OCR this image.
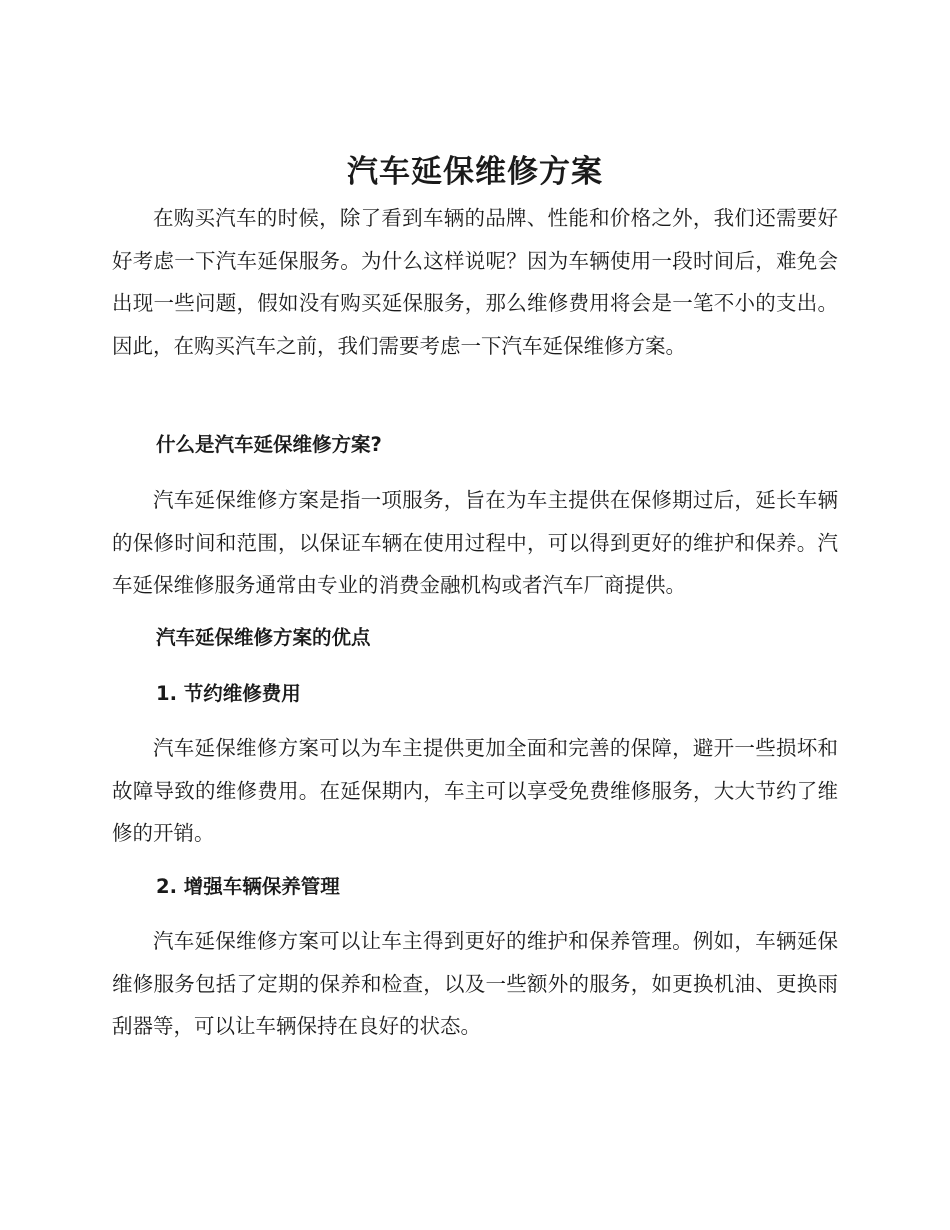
汽车延保维修方案

在购买汽车的时候，除了看到车辆的品牌、性能和价格之外，我们还需要好好考虑一下汽车延保服务。为什么这样说呢？因为车辆使用一段时间后，难免会出现一些问题，假如没有购买延保服务，那么维修费用将会是一笔不小的支出。因此，在购买汽车之前，我们需要考虑一下汽车延保维修方案。

什么是汽车延保维修方案?

汽车延保维修方案是指一项服务，旨在为车主提供在保修期过后，延长车辆的保修时间和范围，以保证车辆在使用过程中，可以得到更好的维护和保养。汽车延保维修服务通常由专业的消费金融机构或者汽车厂商提供。

汽车延保维修方案的优点
1. 节约维修费用

汽车延保维修方案可以为车主提供更加全面和完善的保障，避开一些损坏和故障导致的维修费用。在延保期内，车主可以享受免费维修服务，大大节约了维修的开销。

2. 增强车辆保养管理

汽车延保维修方案可以让车主得到更好的维护和保养管理。例如，车辆延保维修服务包括了定期的保养和检查，以及一些额外的服务，如更换机油、更换雨刮器等，可以让车辆保持在良好的状态。
